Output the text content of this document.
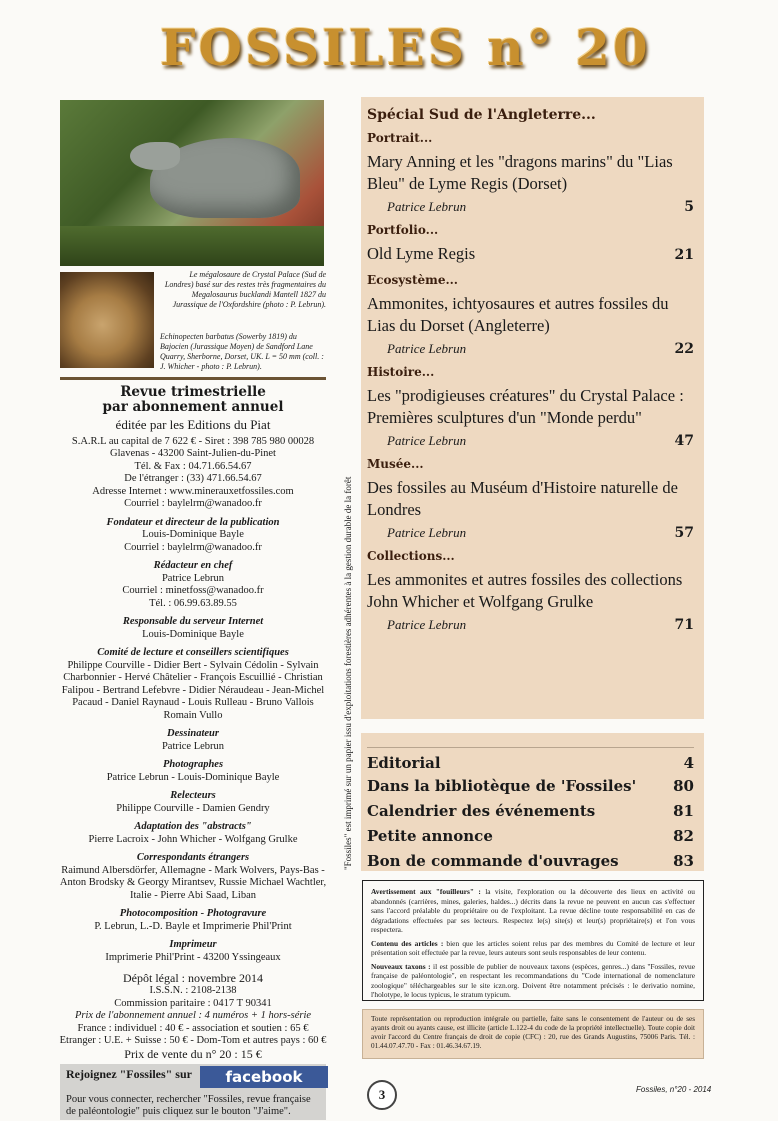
FOSSILES n° 20
Le mégalosaure de Crystal Palace (Sud de Londres) basé sur des restes très fragmentaires du Megalosaurus bucklandi Mantell 1827 du Jurassique de l'Oxfordshire (photo : P. Lebrun).
Echinopecten barbatus (Sowerby 1819) du Bajocien (Jurassique Moyen) de Sandford Lane Quarry, Sherborne, Dorset, UK. L = 50 mm (coll. : J. Whicher - photo : P. Lebrun).
Revue trimestrielle
par abonnement annuel
éditée par les Editions du Piat
S.A.R.L au capital de 7 622 € - Siret : 398 785 980 00028
Glavenas - 43200 Saint-Julien-du-Pinet
Tél. & Fax : 04.71.66.54.67
De l'étranger : (33) 471.66.54.67
Adresse Internet : www.minerauxetfossiles.com
Courriel : baylelrm@wanadoo.fr
Fondateur et directeur de la publication
Louis-Dominique Bayle
Courriel : baylelrm@wanadoo.fr
Rédacteur en chef
Patrice Lebrun
Courriel : minetfoss@wanadoo.fr
Tél. : 06.99.63.89.55
Responsable du serveur Internet
Louis-Dominique Bayle
Comité de lecture et conseillers scientifiques
Philippe Courville - Didier Bert - Sylvain Cédolin - Sylvain Charbonnier - Hervé Châtelier - François Escuillié - Christian Falipou - Bertrand Lefebvre - Didier Néraudeau - Jean-Michel Pacaud - Daniel Raynaud - Louis Rulleau - Bruno Vallois Romain Vullo
Dessinateur
Patrice Lebrun
Photographes
Patrice Lebrun - Louis-Dominique Bayle
Relecteurs
Philippe Courville - Damien Gendry
Adaptation des "abstracts"
Pierre Lacroix - John Whicher - Wolfgang Grulke
Correspondants étrangers
Raimund Albersdörfer, Allemagne - Mark Wolvers, Pays-Bas - Anton Brodsky & Georgy Mirantsev, Russie Michael Wachtler, Italie - Pierre Abi Saad, Liban
Photocomposition - Photogravure
P. Lebrun, L.-D. Bayle et Imprimerie Phil'Print
Imprimeur
Imprimerie Phil'Print - 43200 Yssingeaux
Dépôt légal : novembre 2014
I.S.S.N. : 2108-2138
Commission paritaire : 0417 T 90341
Prix de l'abonnement annuel : 4 numéros + 1 hors-série
France : individuel : 40 € - association et soutien : 65 €
Etranger : U.E. + Suisse : 50 € - Dom-Tom et autres pays : 60 €
Prix de vente du n° 20 : 15 €
Rejoignez "Fossiles" sur	facebook
Pour vous connecter, rechercher "Fossiles, revue française de paléontologie" puis cliquez sur le bouton "J'aime".
"Fossiles" est imprimé sur un papier issu d'exploitations forestières adhérentes à la gestion durable de la forêt
Spécial Sud de l'Angleterre...
Portrait...
Mary Anning et les "dragons marins" du "Lias Bleu" de Lyme Regis (Dorset)
Patrice Lebrun	5
Portfolio...
Old Lyme Regis	21
Ecosystème...
Ammonites, ichtyosaures et autres fossiles du Lias du Dorset (Angleterre)
Patrice Lebrun	22
Histoire...
Les "prodigieuses créatures" du Crystal Palace : Premières sculptures d'un "Monde perdu"
Patrice Lebrun	47
Musée...
Des fossiles au Muséum d'Histoire naturelle de Londres
Patrice Lebrun	57
Collections...
Les ammonites et autres fossiles des collections John Whicher et Wolfgang Grulke
Patrice Lebrun	71
Editorial	4
Dans la bibliotèque de 'Fossiles' 80
Calendrier des événements	81
Petite annonce	82
Bon de commande d'ouvrages	83

Avertissement aux "fouilleurs" : la visite, l'exploration ou la découverte des lieux en activité ou abandonnés (carrières, mines, galeries, haldes...) décrits dans la revue ne peuvent en aucun cas s'effectuer sans l'accord préalable du propriétaire ou de l'exploitant. La revue décline toute responsabilité en cas de dégradations effectuées par ses lecteurs. Respectez le(s) site(s) et leur(s) propriétaire(s) et l'on vous respectera.

Contenu des articles : bien que les articles soient relus par des membres du Comité de lecture et leur présentation soit effectuée par la revue, leurs auteurs sont seuls responsables de leur contenu.

Nouveaux taxons : il est possible de publier de nouveaux taxons (espèces, genres...) dans "Fossiles, revue française de paléontologie", en respectant les recommandations du "Code international de nomenclature zoologique" téléchargeables sur le site iczn.org. Doivent être notamment précisés : le derivatio nomine, l'holotype, le locus typicus, le stratum typicum.

Toute représentation ou reproduction intégrale ou partielle, faite sans le consentement de l'auteur ou de ses ayants droit ou ayants cause, est illicite (article L.122-4 du code de la propriété intellectuelle). Toute copie doit avoir l'accord du Centre français de droit de copie (CFC) : 20, rue des Grands Augustins, 75006 Paris. Tél. : 01.44.07.47.70 - Fax : 01.46.34.67.19.
3	Fossiles, n°20 - 2014
